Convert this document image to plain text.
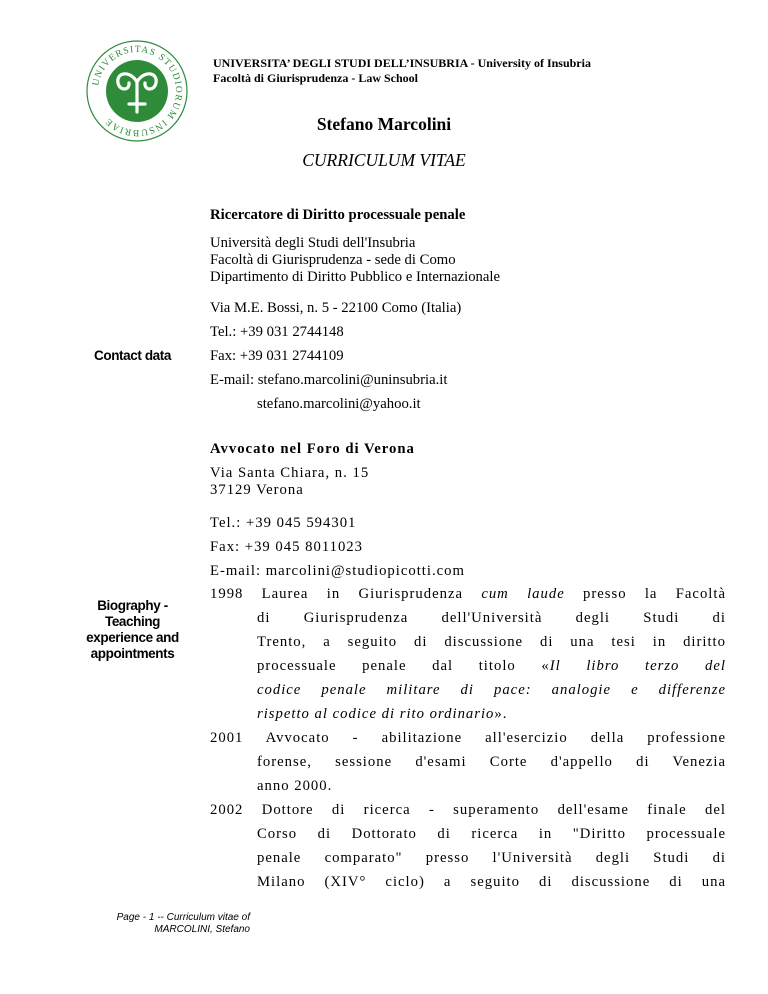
UNIVERSITAS STUDIORUM INSUBRIAE
UNIVERSITA’ DEGLI STUDI DELL’INSUBRIA - University of Insubria
Facoltà di Giurisprudenza - Law School
Stefano Marcolini
CURRICULUM VITAE
Ricercatore di Diritto processuale penale
Università degli Studi dell'Insubria
Facoltà di Giurisprudenza - sede di Como
Dipartimento di Diritto Pubblico e Internazionale
Via M.E. Bossi, n. 5 - 22100 Como (Italia)
Tel.: +39 031 2744148
Fax: +39 031 2744109
E-mail: stefano.marcolini@uninsubria.it
stefano.marcolini@yahoo.it
Contact data
Biography - Teaching experience and appointments
Avvocato nel Foro di Verona
Via Santa Chiara, n. 15
37129 Verona
Tel.: +39 045 594301
Fax: +39 045 8011023
E-mail: marcolini@studiopicotti.com
1998 Laurea in Giurisprudenza cum laude presso la Facoltà
di Giurisprudenza dell'Università degli Studi di
Trento, a seguito di discussione di una tesi in diritto
processuale penale dal titolo «Il libro terzo del
codice penale militare di pace: analogie e differenze
rispetto al codice di rito ordinario».
2001 Avvocato - abilitazione all'esercizio della professione
forense, sessione d'esami Corte d'appello di Venezia
anno 2000.
2002 Dottore di ricerca - superamento dell'esame finale del
Corso di Dottorato di ricerca in "Diritto processuale
penale comparato" presso l'Università degli Studi di
Milano (XIV° ciclo) a seguito di discussione di una
Page - 1 -- Curriculum vitae of
MARCOLINI, Stefano
